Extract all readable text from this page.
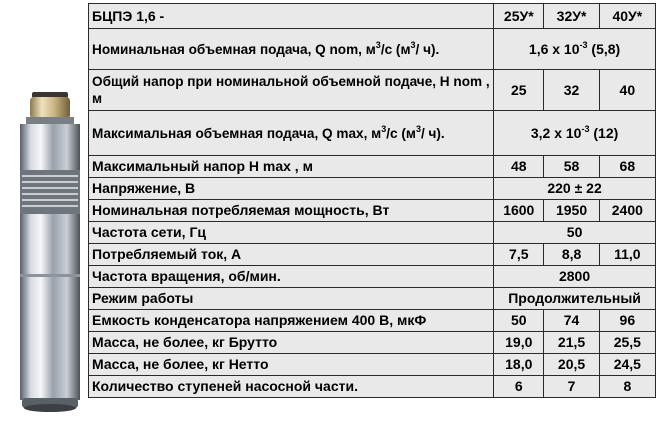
БЦПЭ 1,6 -	25У*	32У*	40У*
Номинальная объемная подача, Q nom, $м^3/с$ ($м^3/$ ч).	1,6 x $10^{-3}$ (5,8)		
Общий напор при номинальной объемной подаче, H nom , м	25	32	40
Максимальная объемная подача, Q max, $м^3/с$ ($м^3/$ ч).	3,2 x $10^{-3}$ (12)		
Максимальный напор H max , м	48	58	68
Напряжение, В	220 ± 22		
Номинальная потребляемая мощность, Вт	1600	1950	2400
Частота сети, Гц	50		
Потребляемый ток, А	7,5	8,8	11,0
Частота вращения, об/мин.	2800		
Режим работы	Продолжительный		
Емкость конденсатора напряжением 400 В, мкФ	50	74	96
Масса, не более, кг Брутто	19,0	21,5	25,5
Масса, не более, кг Нетто	18,0	20,5	24,5
Количество ступеней насосной части.	6	7	8
